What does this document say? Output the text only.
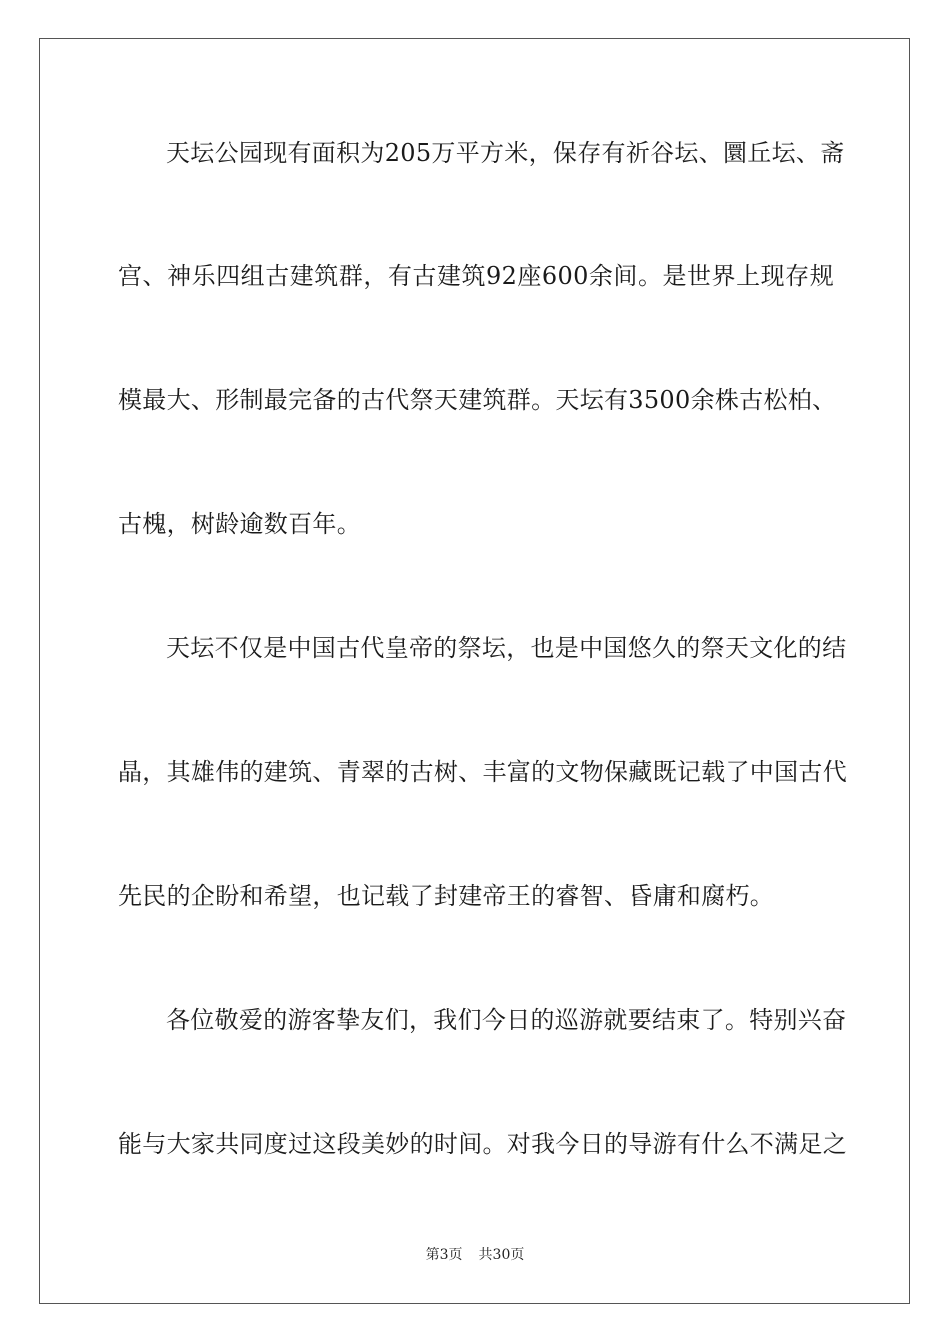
天坛公园现有面积为205万平方米，保存有祈谷坛、圜丘坛、斋
宫、神乐四组古建筑群，有古建筑92座600余间。是世界上现存规
模最大、形制最完备的古代祭天建筑群。天坛有3500余株古松柏、
古槐，树龄逾数百年。
天坛不仅是中国古代皇帝的祭坛，也是中国悠久的祭天文化的结
晶，其雄伟的建筑、青翠的古树、丰富的文物保藏既记载了中国古代
先民的企盼和希望，也记载了封建帝王的睿智、昏庸和腐朽。
各位敬爱的游客挚友们，我们今日的巡游就要结束了。特别兴奋
能与大家共同度过这段美妙的时间。对我今日的导游有什么不满足之
第3页 共30页
